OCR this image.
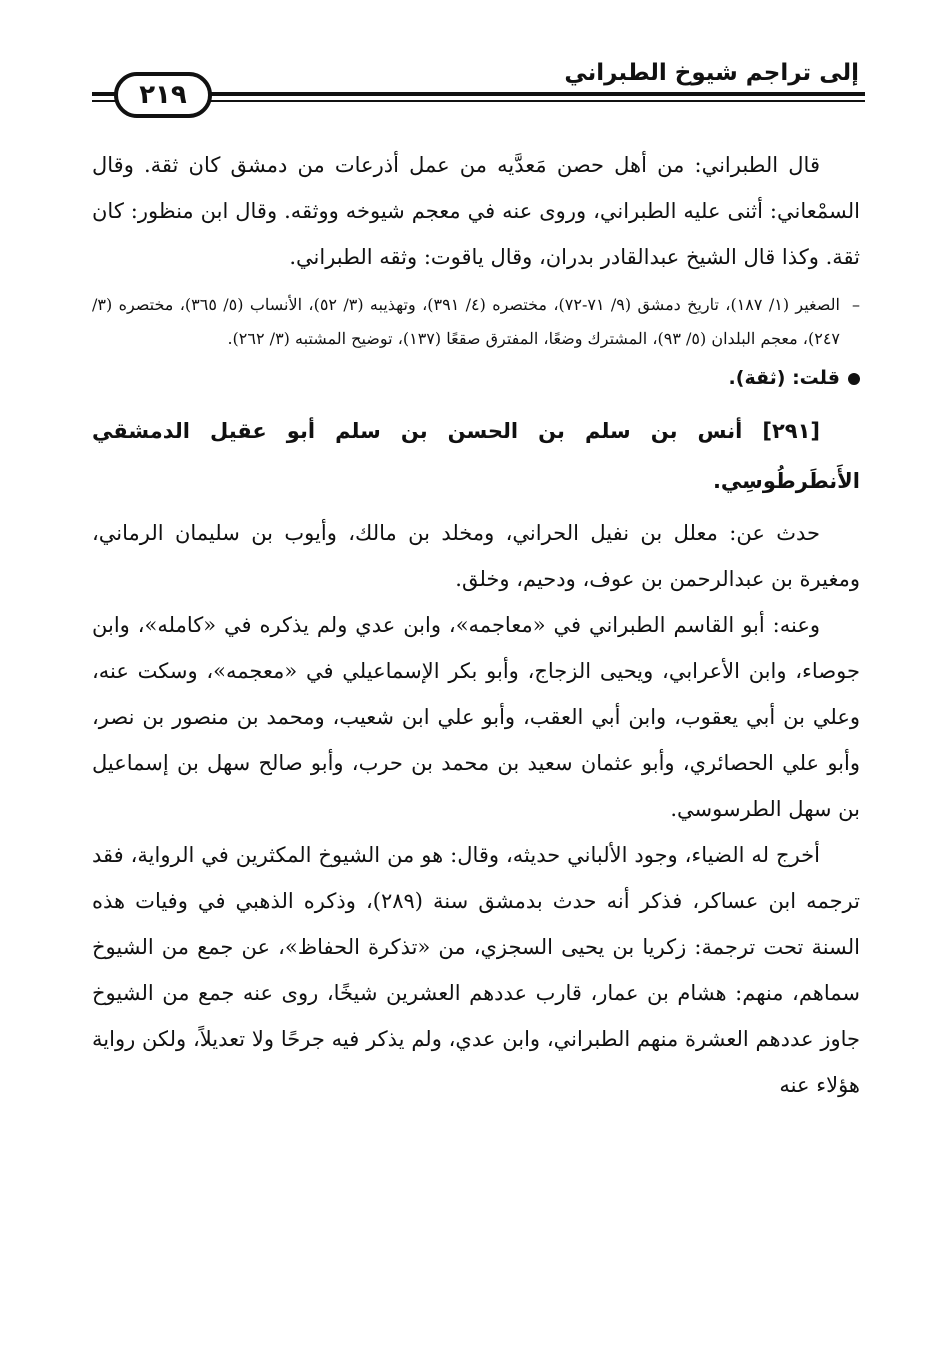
إلى تراجم شيوخ الطبراني
٢١٩

قال الطبراني: من أهل حصن مَعدَّيه من عمل أذرعات من دمشق كان ثقة. وقال السمْعاني: أثنى عليه الطبراني، وروى عنه في معجم شيوخه ووثقه. وقال ابن منظور: كان ثقة. وكذا قال الشيخ عبدالقادر بدران، وقال ياقوت: وثقه الطبراني.

–
الصغير (١/ ١٨٧)، تاريخ دمشق (٩/ ٧١-٧٢)، مختصره (٤/ ٣٩١)، وتهذيبه (٣/ ٥٢)، الأنساب (٥/ ٣٦٥)، مختصره (٣/ ٢٤٧)، معجم البلدان (٥/ ٩٣)، المشترك وضعًا، المفترق صقعًا (١٣٧)، توضيح المشتبه (٣/ ٢٦٢).

قلت: (ثقة).

[٢٩١] أنس بن سلم بن الحسن بن سلم أبو عقيل الدمشقي الأَنطَرطُوسِي.

حدث عن: معلل بن نفيل الحراني، ومخلد بن مالك، وأيوب بن سليمان الرماني، ومغيرة بن عبدالرحمن بن عوف، ودحيم، وخلق.

وعنه: أبو القاسم الطبراني في «معاجمه»، وابن عدي ولم يذكره في «كامله»، وابن جوصاء، وابن الأعرابي، ويحيى الزجاج، وأبو بكر الإسماعيلي في «معجمه»، وسكت عنه، وعلي بن أبي يعقوب، وابن أبي العقب، وأبو علي ابن شعيب، ومحمد بن منصور بن نصر، وأبو علي الحصائري، وأبو عثمان سعيد بن محمد بن حرب، وأبو صالح سهل بن إسماعيل بن سهل الطرسوسي.

أخرج له الضياء، وجود الألباني حديثه، وقال: هو من الشيوخ المكثرين في الرواية، فقد ترجمه ابن عساكر، فذكر أنه حدث بدمشق سنة (٢٨٩)، وذكره الذهبي في وفيات هذه السنة تحت ترجمة: زكريا بن يحيى السجزي، من «تذكرة الحفاظ»، عن جمع من الشيوخ سماهم، منهم: هشام بن عمار، قارب عددهم العشرين شيخًا، روى عنه جمع من الشيوخ جاوز عددهم العشرة منهم الطبراني، وابن عدي، ولم يذكر فيه جرحًا ولا تعديلاً، ولكن رواية هؤلاء عنه
